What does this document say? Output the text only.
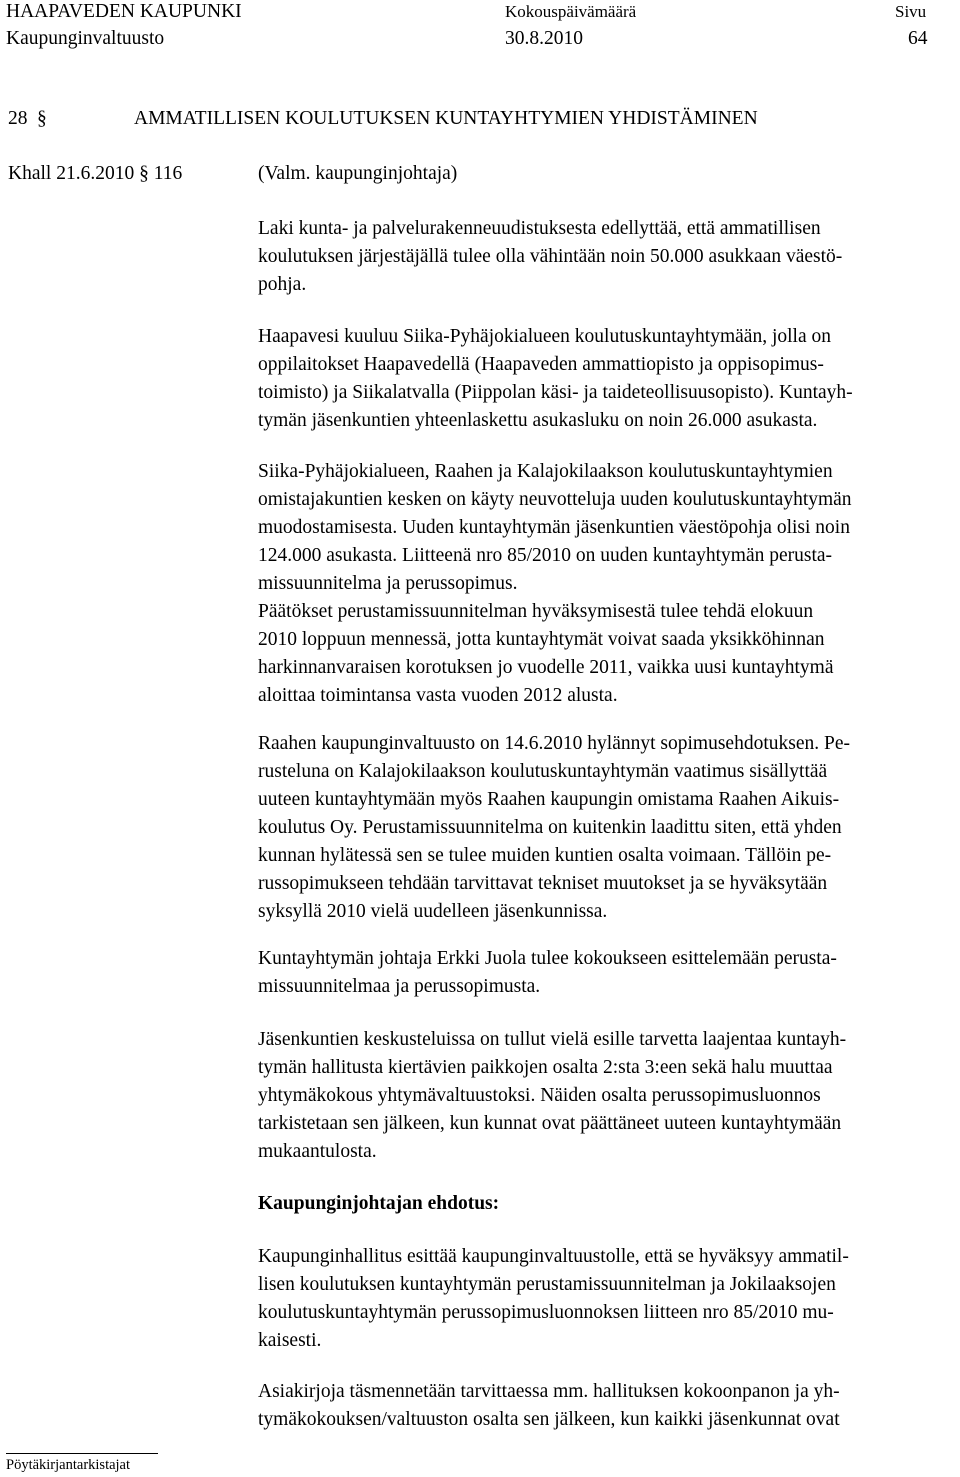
HAAPAVEDEN KAUPUNKI	Kokouspäivämäärä	Sivu
Kaupunginvaltuusto	30.8.2010	64
28 §	AMMATILLISEN KOULUTUKSEN KUNTAYHTYMIEN YHDISTÄMINEN
Khall 21.6.2010 § 116	(Valm. kaupunginjohtaja)
Laki kunta- ja palvelurakenneuudistuksesta edellyttää, että ammatillisen
koulutuksen järjestäjällä tulee olla vähintään noin 50.000 asukkaan väestö-
pohja.
Haapavesi kuuluu Siika-Pyhäjokialueen koulutuskuntayhtymään, jolla on
oppilaitokset Haapavedellä (Haapaveden ammattiopisto ja oppisopimus-
toimisto) ja Siikalatvalla (Piippolan käsi- ja taideteollisuusopisto). Kuntayh-
tymän jäsenkuntien yhteenlaskettu asukasluku on noin 26.000 asukasta.
Siika-Pyhäjokialueen, Raahen ja Kalajokilaakson koulutuskuntayhtymien
omistajakuntien kesken on käyty neuvotteluja uuden koulutuskuntayhtymän
muodostamisesta. Uuden kuntayhtymän jäsenkuntien väestöpohja olisi noin
124.000 asukasta. Liitteenä nro 85/2010 on uuden kuntayhtymän perusta-
missuunnitelma ja perussopimus.
Päätökset perustamissuunnitelman hyväksymisestä tulee tehdä elokuun
2010 loppuun mennessä, jotta kuntayhtymät voivat saada yksikköhinnan
harkinnanvaraisen korotuksen jo vuodelle 2011, vaikka uusi kuntayhtymä
aloittaa toimintansa vasta vuoden 2012 alusta.
Raahen kaupunginvaltuusto on 14.6.2010 hylännyt sopimusehdotuksen. Pe-
rusteluna on Kalajokilaakson koulutuskuntayhtymän vaatimus sisällyttää
uuteen kuntayhtymään myös Raahen kaupungin omistama Raahen Aikuis-
koulutus Oy. Perustamissuunnitelma on kuitenkin laadittu siten, että yhden
kunnan hylätessä sen se tulee muiden kuntien osalta voimaan. Tällöin pe-
russopimukseen tehdään tarvittavat tekniset muutokset ja se hyväksytään
syksyllä 2010 vielä uudelleen jäsenkunnissa.
Kuntayhtymän johtaja Erkki Juola tulee kokoukseen esittelemään perusta-
missuunnitelmaa ja perussopimusta.
Jäsenkuntien keskusteluissa on tullut vielä esille tarvetta laajentaa kuntayh-
tymän hallitusta kiertävien paikkojen osalta 2:sta 3:een sekä halu muuttaa
yhtymäkokous yhtymävaltuustoksi. Näiden osalta perussopimusluonnos
tarkistetaan sen jälkeen, kun kunnat ovat päättäneet uuteen kuntayhtymään
mukaantulosta.
Kaupunginjohtajan ehdotus:
Kaupunginhallitus esittää kaupunginvaltuustolle, että se hyväksyy ammatil-
lisen koulutuksen kuntayhtymän perustamissuunnitelman ja Jokilaaksojen
koulutuskuntayhtymän perussopimusluonnoksen liitteen nro 85/2010 mu-
kaisesti.
Asiakirjoja täsmennetään tarvittaessa mm. hallituksen kokoonpanon ja yh-
tymäkokouksen/valtuuston osalta sen jälkeen, kun kaikki jäsenkunnat ovat
Pöytäkirjantarkistajat
